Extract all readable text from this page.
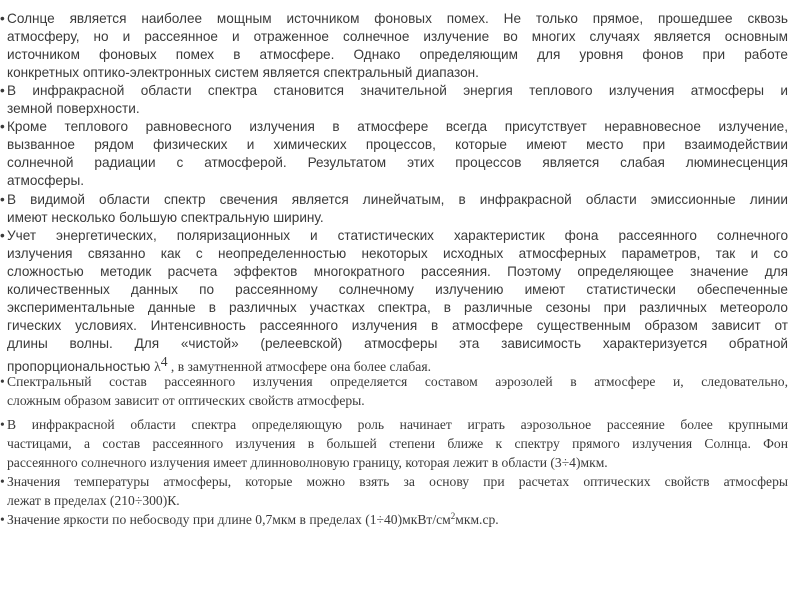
• Солнце является наиболее мощным источником фоновых помех. Не только прямое, прошедшее сквозь
атмосферу, но и рассеянное и отраженное солнечное излучение во многих случаях является основным
источником фоновых помех в атмосфере. Однако определяющим для уровня фонов при работе
конкретных оптико-электронных систем является спектральный диапазон.
• В инфракрасной области спектра становится значительной энергия теплового излучения атмосферы и
земной поверхности.
• Кроме теплового равновесного излучения в атмосфере всегда присутствует неравновесное излучение,
вызванное рядом физических и химических процессов, которые имеют место при взаимодействии
солнечной радиации с атмосферой. Результатом этих процессов является слабая люминесценция
атмосферы.
• В видимой области спектр свечения является линейчатым, в инфракрасной области эмиссионные линии
имеют несколько большую спектральную ширину.
• Учет энергетических, поляризационных и статистических характеристик фона рассеянного солнечного
излучения связанно как с неопределенностью некоторых исходных атмосферных параметров, так и со
сложностью методик расчета эффектов многократного рассеяния. Поэтому определяющее значение для
количественных данных по рассеянному солнечному излучению имеют статистически обеспеченные
экспериментальные данные в различных участках спектра, в различные сезоны при различных метеороло
гических условиях. Интенсивность рассеянного излучения в атмосфере существенным образом зависит от
длины волны. Для «чистой» (релеевской) атмосферы эта зависимость характеризуется обратной
пропорциональностью $\lambda^4$ , в замутненной атмосфере она более слабая.
• Спектральный состав рассеянного излучения определяется составом аэрозолей в атмосфере и, следовательно,
сложным образом зависит от оптических свойств атмосферы.
• В инфракрасной области спектра определяющую роль начинает играть аэрозольное рассеяние более крупными
частицами, а состав рассеянного излучения в большей степени ближе к спектру прямого излучения Солнца. Фон
рассеянного солнечного излучения имеет длинноволновую границу, которая лежит в области (3÷4)мкм.
• Значения температуры атмосферы, которые можно взять за основу при расчетах оптических свойств атмосферы
лежат в пределах (210÷300)К.
• Значение яркости по небосводу при длине 0,7мкм в пределах $(1\div 40)мкВт/см^2мкм.ср$.
